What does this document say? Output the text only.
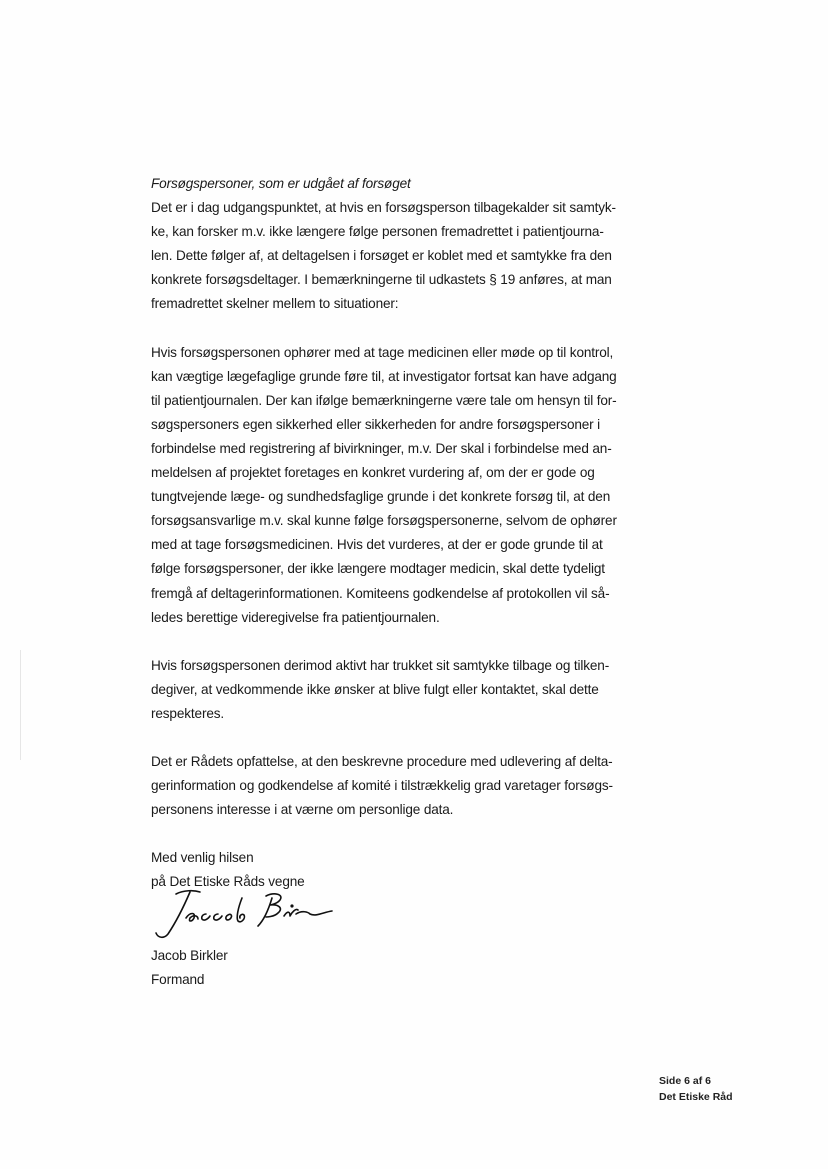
Forsøgspersoner, som er udgået af forsøget

Det er i dag udgangspunktet, at hvis en forsøgsperson tilbagekalder sit samtyk-
ke, kan forsker m.v. ikke længere følge personen fremadrettet i patientjourna-
len. Dette følger af, at deltagelsen i forsøget er koblet med et samtykke fra den
konkrete forsøgsdeltager. I bemærkningerne til udkastets § 19 anføres, at man
fremadrettet skelner mellem to situationer:

Hvis forsøgspersonen ophører med at tage medicinen eller møde op til kontrol,
kan vægtige lægefaglige grunde føre til, at investigator fortsat kan have adgang
til patientjournalen. Der kan ifølge bemærkningerne være tale om hensyn til for-
søgspersoners egen sikkerhed eller sikkerheden for andre forsøgspersoner i
forbindelse med registrering af bivirkninger, m.v. Der skal i forbindelse med an-
meldelsen af projektet foretages en konkret vurdering af, om der er gode og
tungtvejende læge- og sundhedsfaglige grunde i det konkrete forsøg til, at den
forsøgsansvarlige m.v. skal kunne følge forsøgspersonerne, selvom de ophører
med at tage forsøgsmedicinen. Hvis det vurderes, at der er gode grunde til at
følge forsøgspersoner, der ikke længere modtager medicin, skal dette tydeligt
fremgå af deltagerinformationen. Komiteens godkendelse af protokollen vil så-
ledes berettige videregivelse fra patientjournalen.

Hvis forsøgspersonen derimod aktivt har trukket sit samtykke tilbage og tilken-
degiver, at vedkommende ikke ønsker at blive fulgt eller kontaktet, skal dette
respekteres.

Det er Rådets opfattelse, at den beskrevne procedure med udlevering af delta-
gerinformation og godkendelse af komité i tilstrækkelig grad varetager forsøgs-
personens interesse i at værne om personlige data.

Med venlig hilsen

på Det Etiske Råds vegne

Jacob Birkler
Formand
Side 6 af 6
Det Etiske Råd
